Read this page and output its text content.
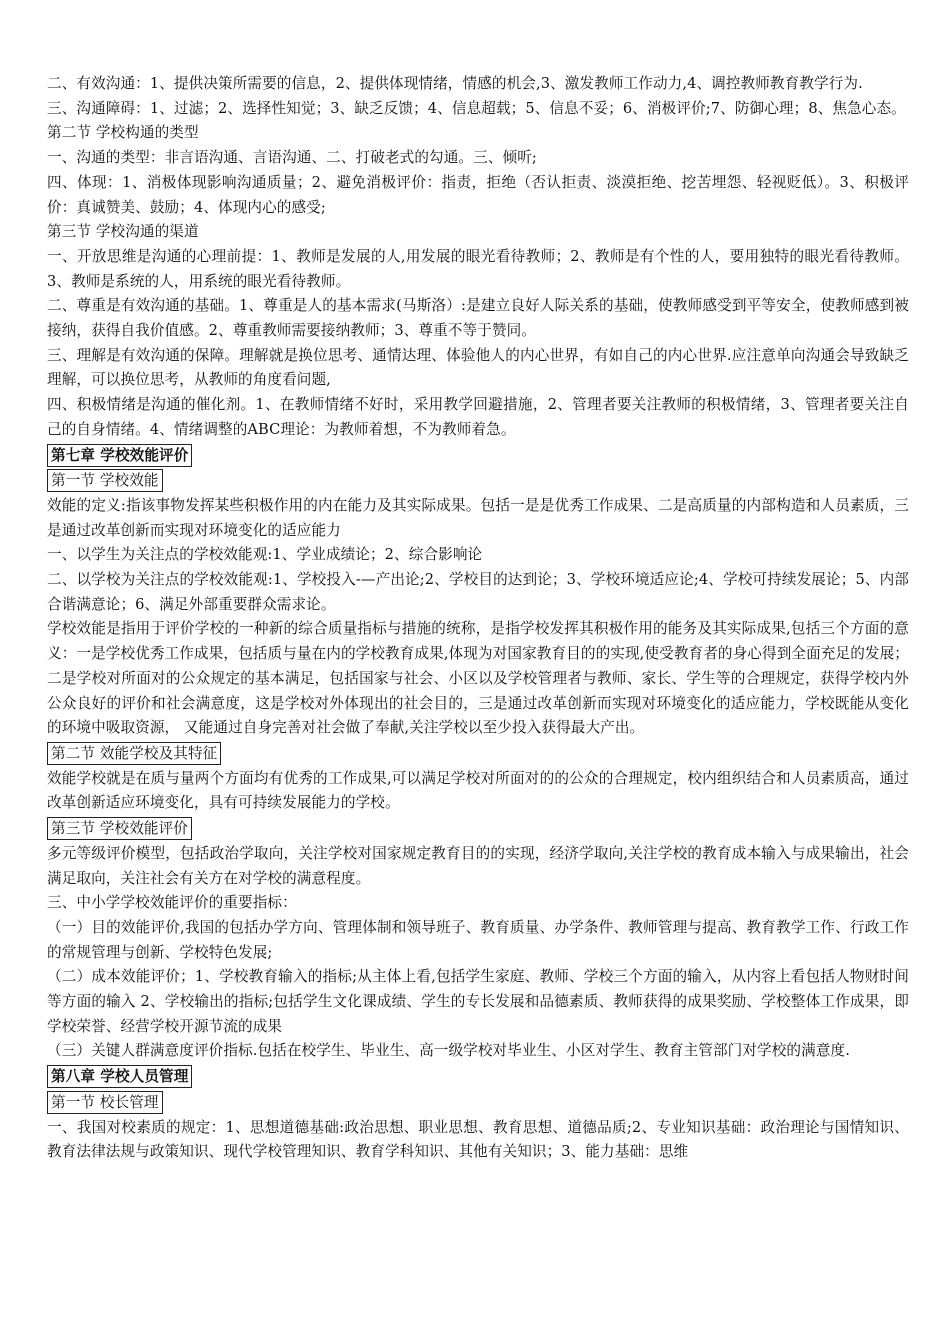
二、有效沟通：1、提供决策所需要的信息，2、提供体现情绪，情感的机会,3、激发教师工作动力,4、调控教师教育教学行为.
三、沟通障碍：1、过滤；2、选择性知觉；3、缺乏反馈；4、信息超载；5、信息不妥；6、消极评价;7、防御心理；8、焦急心态。
第二节 学校构通的类型
一、沟通的类型：非言语沟通、言语沟通、二、打破老式的勾通。三、倾听;
四、体现：1、消极体现影响沟通质量；2、避免消极评价：指责，拒绝（否认拒责、淡漠拒绝、挖苦埋怨、轻视贬低）。3、积极评价：真诚赞美、鼓励；4、体现内心的感受;
第三节 学校沟通的渠道
一、开放思维是沟通的心理前提：1、教师是发展的人,用发展的眼光看待教师；2、教师是有个性的人，要用独特的眼光看待教师。3、教师是系统的人，用系统的眼光看待教师。
二、尊重是有效沟通的基础。1、尊重是人的基本需求(马斯洛）:是建立良好人际关系的基础，使教师感受到平等安全，使教师感到被接纳，获得自我价值感。2、尊重教师需要接纳教师；3、尊重不等于赞同。
三、理解是有效沟通的保障。理解就是换位思考、通情达理、体验他人的内心世界，有如自己的内心世界.应注意单向沟通会导致缺乏理解，可以换位思考，从教师的角度看问题,
四、积极情绪是沟通的催化剂。1、在教师情绪不好时，采用教学回避措施，2、管理者要关注教师的积极情绪，3、管理者要关注自己的自身情绪。4、情绪调整的ABC理论：为教师着想，不为教师着急。
第七章 学校效能评价
第一节 学校效能
效能的定义:指该事物发挥某些积极作用的内在能力及其实际成果。包括一是是优秀工作成果、二是高质量的内部构造和人员素质，三是通过改革创新而实现对环境变化的适应能力
一、以学生为关注点的学校效能观:1、学业成绩论；2、综合影响论
二、以学校为关注点的学校效能观:1、学校投入-—产出论;2、学校目的达到论；3、学校环境适应论;4、学校可持续发展论；5、内部合谐满意论；6、满足外部重要群众需求论。
学校效能是指用于评价学校的一种新的综合质量指标与措施的统称，是指学校发挥其积极作用的能务及其实际成果,包括三个方面的意义：一是学校优秀工作成果，包括质与量在内的学校教育成果,体现为对国家教育目的的实现,使受教育者的身心得到全面充足的发展；二是学校对所面对的公众规定的基本满足，包括国家与社会、小区以及学校管理者与教师、家长、学生等的合理规定，获得学校内外公众良好的评价和社会满意度，这是学校对外体现出的社会目的，三是通过改革创新而实现对环境变化的适应能力，学校既能从变化的环境中吸取资源， 又能通过自身完善对社会做了奉献,关注学校以至少投入获得最大产出。
第二节 效能学校及其特征
效能学校就是在质与量两个方面均有优秀的工作成果,可以满足学校对所面对的的公众的合理规定，校内组织结合和人员素质高，通过改革创新适应环境变化，具有可持续发展能力的学校。
第三节 学校效能评价
多元等级评价模型，包括政治学取向，关注学校对国家规定教育目的的实现，经济学取向,关注学校的教育成本输入与成果输出，社会满足取向，关注社会有关方在对学校的满意程度。
三、中小学学校效能评价的重要指标：
（一）目的效能评价,我国的包括办学方向、管理体制和领导班子、教育质量、办学条件、教师管理与提高、教育教学工作、行政工作的常规管理与创新、学校特色发展;
（二）成本效能评价；1、学校教育输入的指标;从主体上看,包括学生家庭、教师、学校三个方面的输入，从内容上看包括人物财时间等方面的输入 2、学校输出的指标;包括学生文化课成绩、学生的专长发展和品德素质、教师获得的成果奖励、学校整体工作成果，即学校荣誉、经营学校开源节流的成果
（三）关键人群满意度评价指标.包括在校学生、毕业生、高一级学校对毕业生、小区对学生、教育主管部门对学校的满意度.
第八章 学校人员管理
第一节 校长管理
一、我国对校素质的规定：1、思想道德基础:政治思想、职业思想、教育思想、道德品质;2、专业知识基础：政治理论与国情知识、教育法律法规与政策知识、现代学校管理知识、教育学科知识、其他有关知识；3、能力基础：思维
